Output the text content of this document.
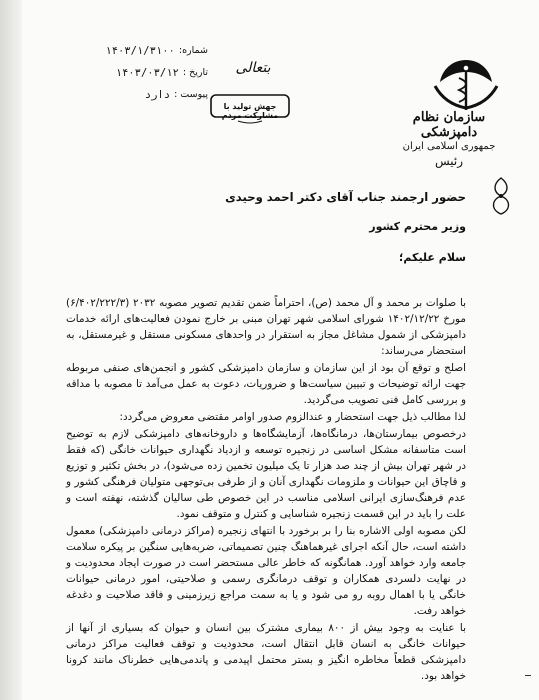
شماره:
۱۴۰۳/۱/۳۱۰۰
تاریخ :
۱۴۰۳/۰۳/۱۲
پیوست :
دارد
بتعالی
جهش تولید با مشارکت مردم	سازمان نظام دامپزشکی
جمهوری اسلامی ایران
رئیس
حضور ارجمند جناب آقای دکتر احمد وحیدی
وزیر محترم کشور
سلام علیکم؛

با صلوات بر محمد و آل محمد (ص)، احتراماً ضمن تقدیم تصویر مصوبه ۲۰۳۲ (۶/۴۰۲/۲۲۲/۳) مورخ ۱۴۰۲/۱۲/۲۲ شورای اسلامی شهر تهران مبنی بر خارج نمودن فعالیت‌های ارائه خدمات دامپزشکی از شمول مشاغل مجاز به استقرار در واحدهای مسکونی مستقل و غیرمستقل، به استحضار می‌رساند:

اصلح و توقع آن بود از این سازمان و سازمان دامپزشکی کشور و انجمن‌های صنفی مربوطه جهت ارائه توضیحات و تبیین سیاست‌ها و ضروریات، دعوت به عمل می‌آمد تا مصوبه با مداقه و بررسی کامل فنی تصویب می‌گردید.

لذا مطالب ذیل جهت استحضار و عندالزوم صدور اوامر مقتضی معروض می‌گردد:

درخصوص بیمارستان‌ها، درمانگاه‌ها، آزمایشگاه‌ها و داروخانه‌های دامپزشکی لازم به توضیح است متاسفانه مشکل اساسی در زنجیره توسعه و ازدیاد نگهداری حیوانات خانگی (که فقط در شهر تهران بیش از چند صد هزار تا یک میلیون تخمین زده می‌شود)، در بخش تکثیر و توزیع و قاچاق این حیوانات و ملزومات نگهداری آنان و از طرفی بی‌توجهی متولیان فرهنگی کشور و عدم فرهنگ‌سازی ایرانی اسلامی مناسب در این خصوص طی سالیان گذشته، نهفته است و علت را باید در این قسمت زنجیره شناسایی و کنترل و متوقف نمود.

لکن مصوبه اولی الاشاره بنا را بر برخورد با انتهای زنجیره (مراکز درمانی دامپزشکی) معمول داشته است، حال آنکه اجرای غیرهماهنگ چنین تصمیماتی، ضربه‌هایی سنگین بر پیکره سلامت جامعه وارد خواهد آورد. همانگونه که خاطر عالی مستحضر است در صورت ایجاد محدودیت و در نهایت دلسردی همکاران و توقف درمانگری رسمی و صلاحیتی، امور درمانی حیوانات خانگی یا با اهمال روبه رو می شود و یا به سمت مراجع زیرزمینی و فاقد صلاحیت و دغدغه خواهد رفت.

با عنایت به وجود بیش از ۸۰۰ بیماری مشترک بین انسان و حیوان که بسیاری از آنها از حیوانات خانگی به انسان قابل انتقال است، محدودیت و توقف فعالیت مراکز درمانی دامپزشکی قطعاً مخاطره انگیز و بستر محتمل اپیدمی و پاندمی‌هایی خطرناک مانند کرونا خواهد بود.
